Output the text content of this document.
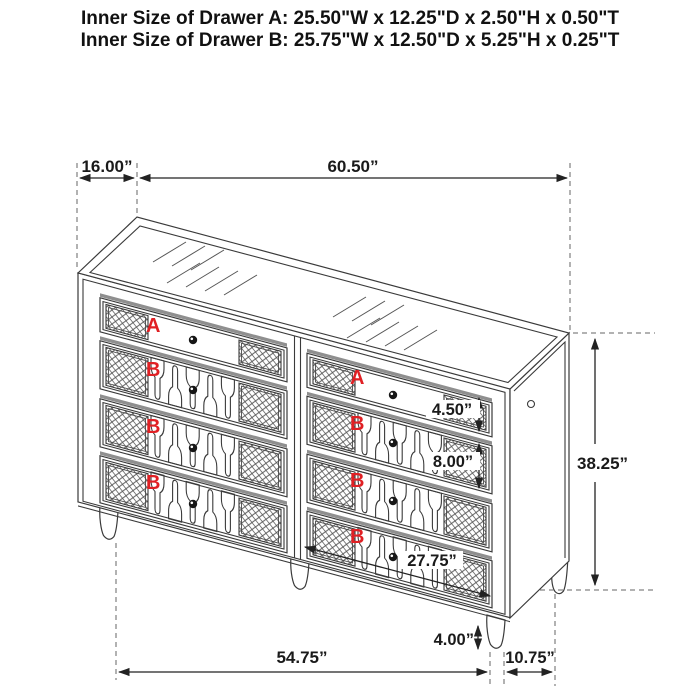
Inner Size of Drawer A: 25.50"W x 12.25"D x 2.50"H x 0.50"T
Inner Size of Drawer B: 25.75"W x 12.50"D x 5.25"H x 0.25"T
A
B
B
B
A
B
B
B
16.00”	60.50”
38.25”
4.50”
8.00”
27.75”
4.00”
54.75”	10.75”
